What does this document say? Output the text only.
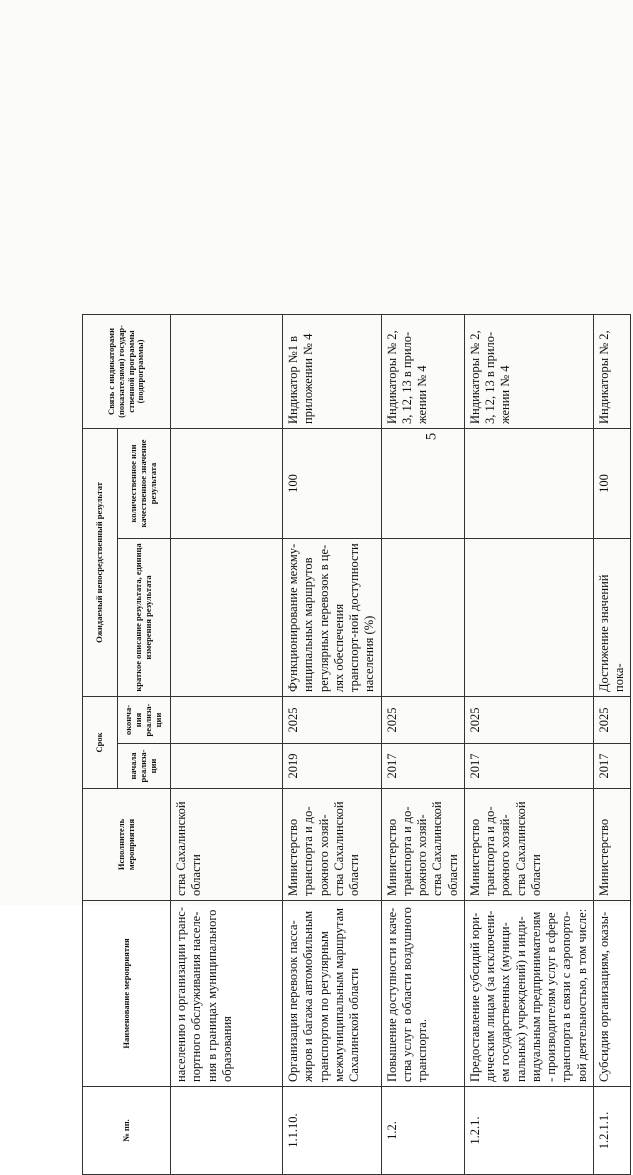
5
№ пп.	Наименование мероприятия	Исполнитель мероприятия	Срок		Ожидаемый непосредственный результат		Связь с индикаторами (показателями) государ-ственной программы (подпрограммы)
			начала реализа-ции	оконча-ния реализа-ции	краткое описание результата, единица измерения результата	количественное или качественное значение результата	
	населению и организации транс-портного обслуживания населе-ния в границах муниципального образования	ства Сахалинской области					
1.1.10.	Организация перевозок пасса-жиров и багажа автомобильным транспортом по регулярным межмуниципальным маршрутам Сахалинской области	Министерство транспорта и до-рожного хозяй-ства Сахалинской области	2019	2025	Функционирование межму-ниципальных маршрутов регулярных перевозок в це-лях обеспечения транспорт-ной доступности населения (%)	100	Индикатор №1 в приложении № 4
1.2.	Повышение доступности и каче-ства услуг в области воздушного транспорта.	Министерство транспорта и до-рожного хозяй-ства Сахалинской области	2017	2025			Индикаторы № 2, 3, 12, 13 в прило-жении № 4
1.2.1.	Предоставление субсидий юри-дическим лицам (за исключени-ем государственных (муници-пальных) учреждений) и инди-видуальным предпринимателям - производителям услуг в сфере транспорта в связи с аэропорто-вой деятельностью, в том числе:	Министерство транспорта и до-рожного хозяй-ства Сахалинской области	2017	2025			Индикаторы № 2, 3, 12, 13 в прило-жении № 4
1.2.1.1.	Субсидия организациям, оказы-	Министерство	2017	2025	Достижение значений пока-	100	Индикаторы № 2,
